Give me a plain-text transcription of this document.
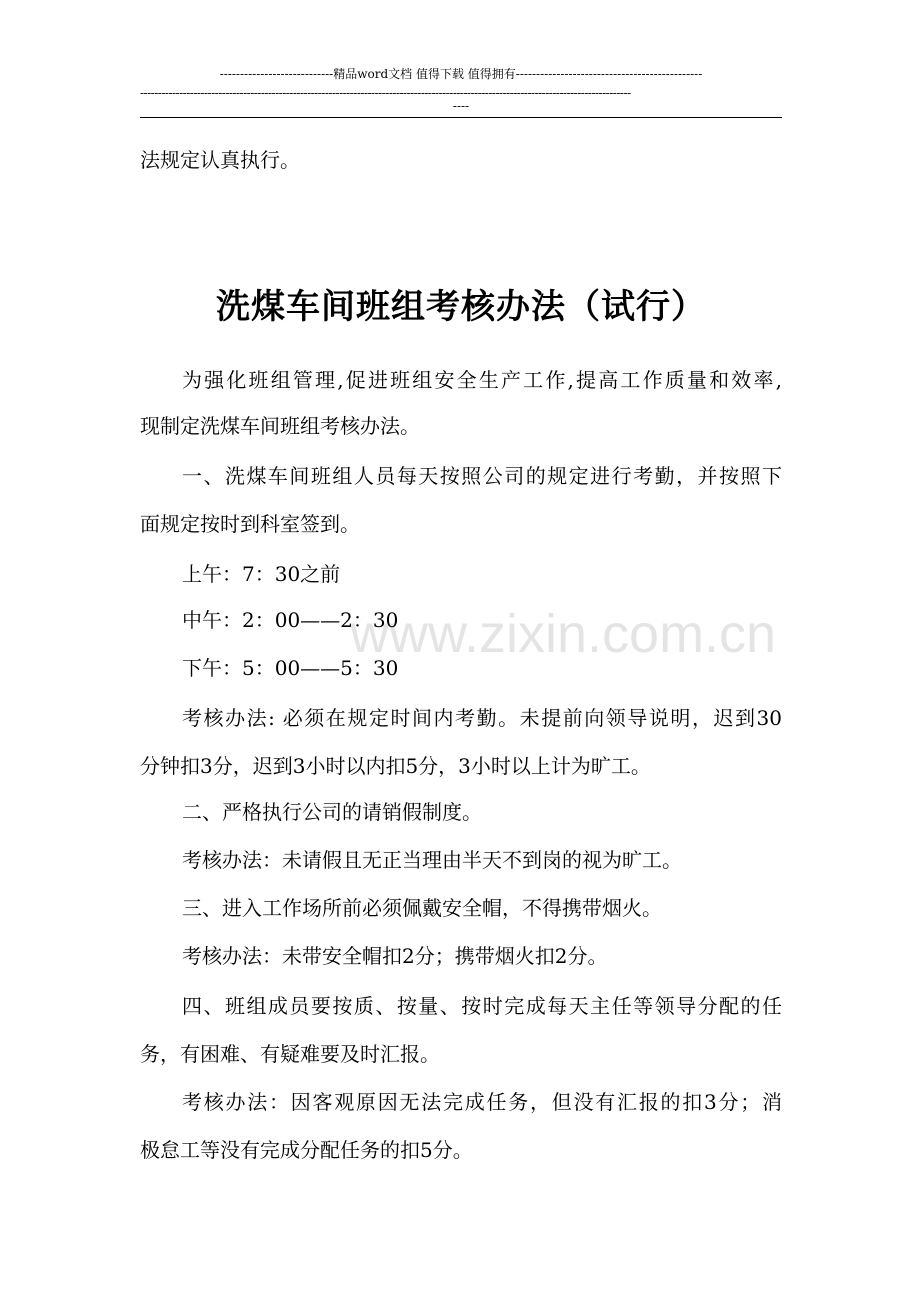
----------------------------精品word文档 值得下载 值得拥有----------------------------------------------
------------------------------------------------------------------------------------------------------------------------------------------
----
法规定认真执行。
洗煤车间班组考核办法（试行）
www.zixin.com.cn
为强化班组管理,促进班组安全生产工作,提高工作质量和效率,
现制定洗煤车间班组考核办法。
一、洗煤车间班组人员每天按照公司的规定进行考勤，并按照下
面规定按时到科室签到。
上午：7：30之前
中午：2：00——2：30
下午：5：00——5：30
考核办法: 必须在规定时间内考勤。未提前向领导说明，迟到30
分钟扣3分，迟到3小时以内扣5分，3小时以上计为旷工。
二、严格执行公司的请销假制度。
考核办法：未请假且无正当理由半天不到岗的视为旷工。
三、进入工作场所前必须佩戴安全帽，不得携带烟火。
考核办法：未带安全帽扣2分；携带烟火扣2分。
四、班组成员要按质、按量、按时完成每天主任等领导分配的任
务，有困难、有疑难要及时汇报。
考核办法：因客观原因无法完成任务，但没有汇报的扣3分；消
极怠工等没有完成分配任务的扣5分。
